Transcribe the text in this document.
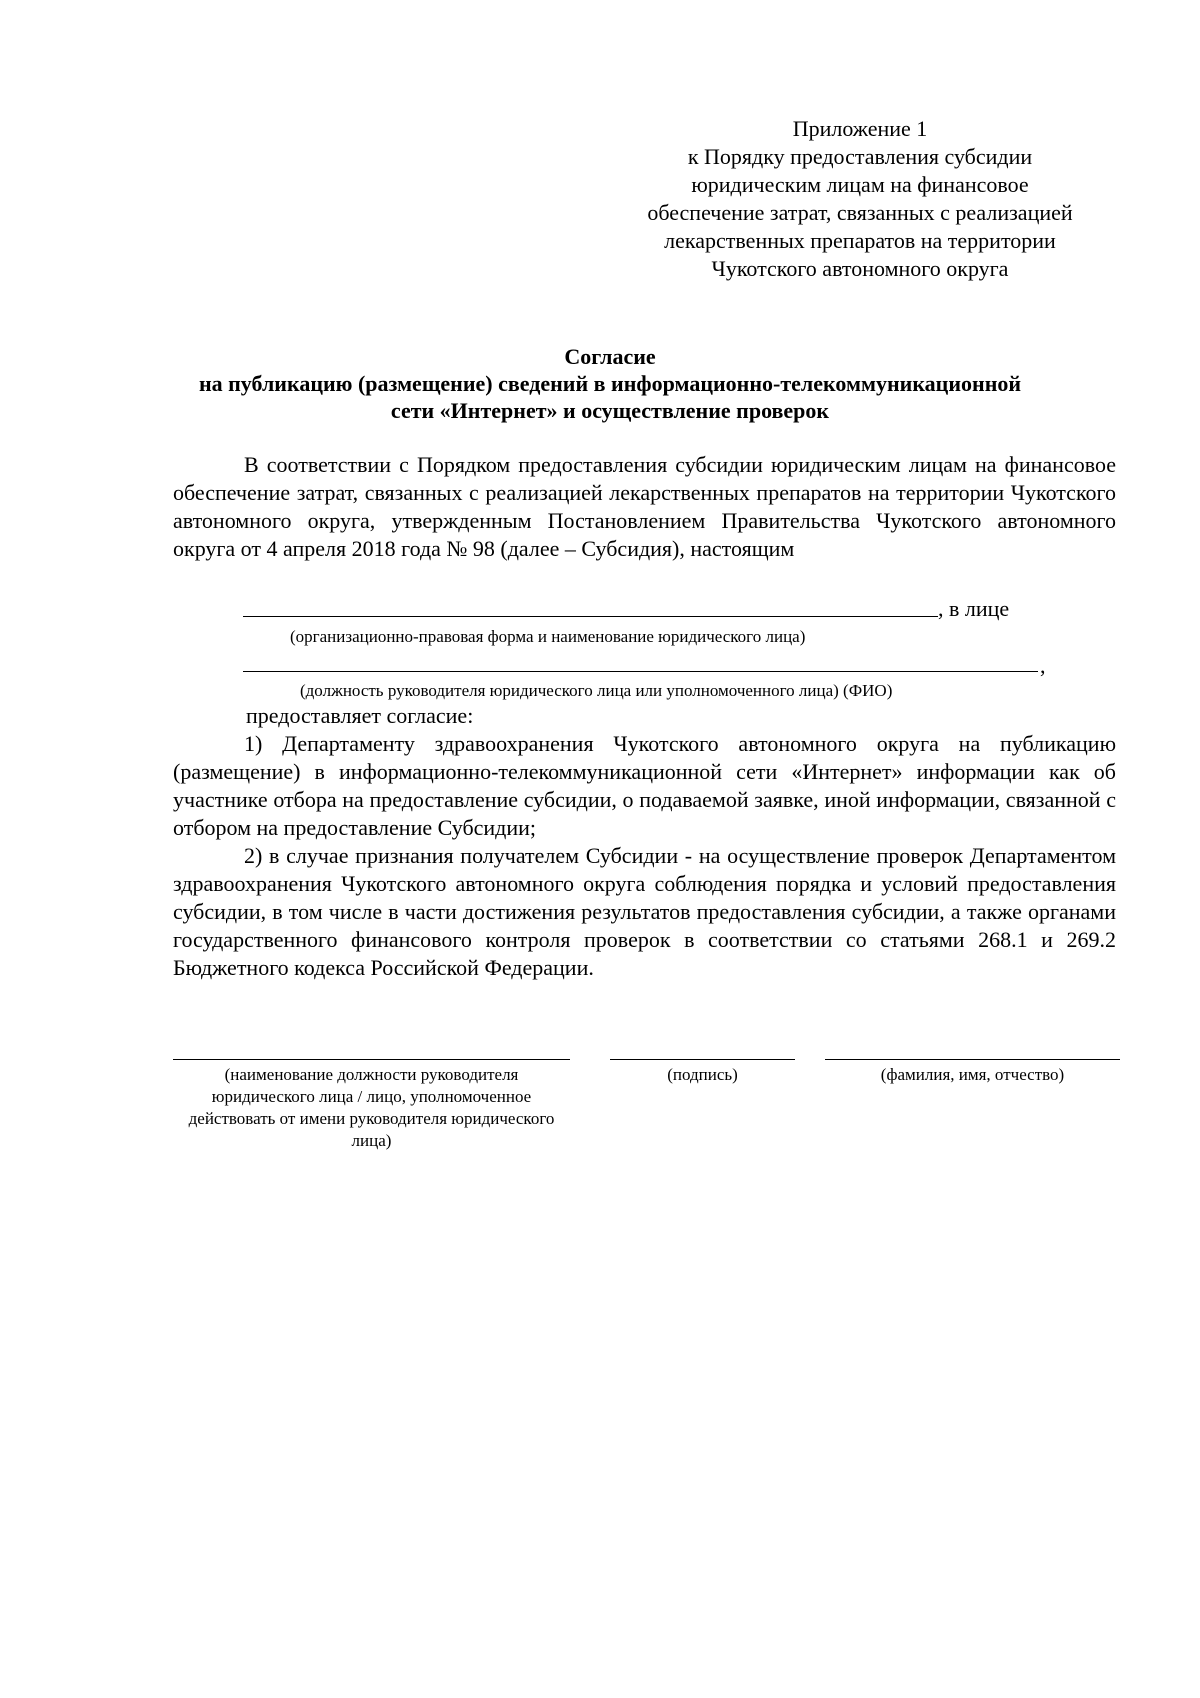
Приложение 1
к Порядку предоставления субсидии
юридическим лицам на финансовое
обеспечение затрат, связанных с реализацией
лекарственных препаратов на территории
Чукотского автономного округа
Согласие
на публикацию (размещение) сведений в информационно-телекоммуникационной
сети «Интернет» и осуществление проверок
В соответствии с Порядком предоставления субсидии юридическим лицам на финансовое обеспечение затрат, связанных с реализацией лекарственных препаратов на территории Чукотского автономного округа, утвержденным Постановлением Правительства Чукотского автономного округа от 4 апреля 2018 года № 98 (далее – Субсидия), настоящим
, в лице
(организационно-правовая форма и наименование юридического лица)
,
(должность руководителя юридического лица или уполномоченного лица) (ФИО)
предоставляет согласие:
1) Департаменту здравоохранения Чукотского автономного округа на публикацию (размещение) в информационно-телекоммуникационной сети «Интернет» информации как об участнике отбора на предоставление субсидии, о подаваемой заявке, иной информации, связанной с отбором на предоставление Субсидии;
2) в случае признания получателем Субсидии - на осуществление проверок Департаментом здравоохранения Чукотского автономного округа соблюдения порядка и условий предоставления субсидии, в том числе в части достижения результатов предоставления субсидии, а также органами государственного финансового контроля проверок в соответствии со статьями 268.1 и 269.2 Бюджетного кодекса Российской Федерации.
(наименование должности руководителя юридического лица / лицо, уполномоченное действовать от имени руководителя юридического лица)
(подпись)	(фамилия, имя, отчество)
